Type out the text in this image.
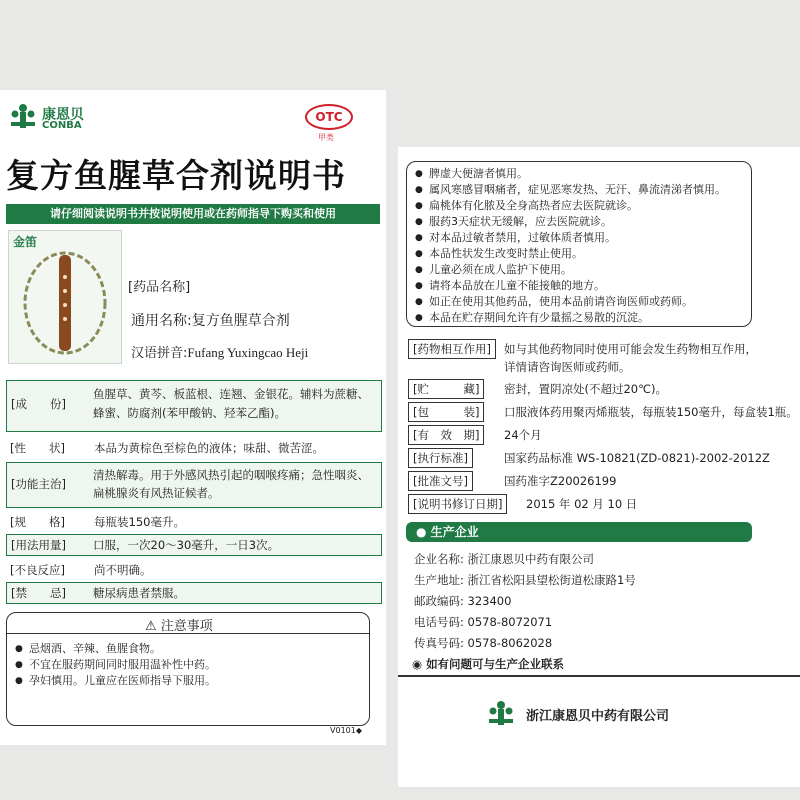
康恩贝
CONBA
OTC
甲类
复方鱼腥草合剂说明书
请仔细阅读说明书并按说明使用或在药师指导下购买和使用
金笛
[药品名称]
通用名称:复方鱼腥草合剂
汉语拼音:Fufang Yuxingcao Heji
[成　　份]
鱼腥草、黄芩、板蓝根、连翘、金银花。辅料为蔗糖、蜂蜜、防腐剂(苯甲酸钠、羟苯乙酯)。
[性　　状]	本品为黄棕色至棕色的液体；味甜、微苦涩。
[功能主治]
清热解毒。用于外感风热引起的咽喉疼痛；急性咽炎、扁桃腺炎有风热证候者。
[规　　格]	每瓶装150毫升。
[用法用量] 口服，一次20～30毫升，一日3次。
[不良反应]	尚不明确。
[禁　　忌] 糖尿病患者禁服。
⚠ 注意事项
● 忌烟酒、辛辣、鱼腥食物。
● 不宜在服药期间同时服用温补性中药。
● 孕妇慎用。儿童应在医师指导下服用。
V0101◆
● 脾虚大便溏者慎用。
● 属风寒感冒咽痛者，症见恶寒发热、无汗、鼻流清涕者慎用。
● 扁桃体有化脓及全身高热者应去医院就诊。
● 服药3天症状无缓解，应去医院就诊。
● 对本品过敏者禁用，过敏体质者慎用。
● 本品性状发生改变时禁止使用。
● 儿童必须在成人监护下使用。
● 请将本品放在儿童不能接触的地方。
● 如正在使用其他药品，使用本品前请咨询医师或药师。
● 本品在贮存期间允许有少量摇之易散的沉淀。
[药物相互作用]	如与其他药物同时使用可能会发生药物相互作用，
详情请咨询医师或药师。
[贮　　　藏]	密封，置阴凉处(不超过20℃)。
[包　　　装]	口服液体药用聚丙烯瓶装，每瓶装150毫升，每盒装1瓶。
[有　效　期]	24个月
[执行标准]	国家药品标准 WS-10821(ZD-0821)-2002-2012Z
[批准文号]	国药准字Z20026199
[说明书修订日期]	2015 年 02 月 10 日
● 生产企业
企业名称: 浙江康恩贝中药有限公司
生产地址: 浙江省松阳县望松街道松康路1号
邮政编码: 323400
电话号码: 0578-8072071
传真号码: 0578-8062028
◉ 如有问题可与生产企业联系
浙江康恩贝中药有限公司
